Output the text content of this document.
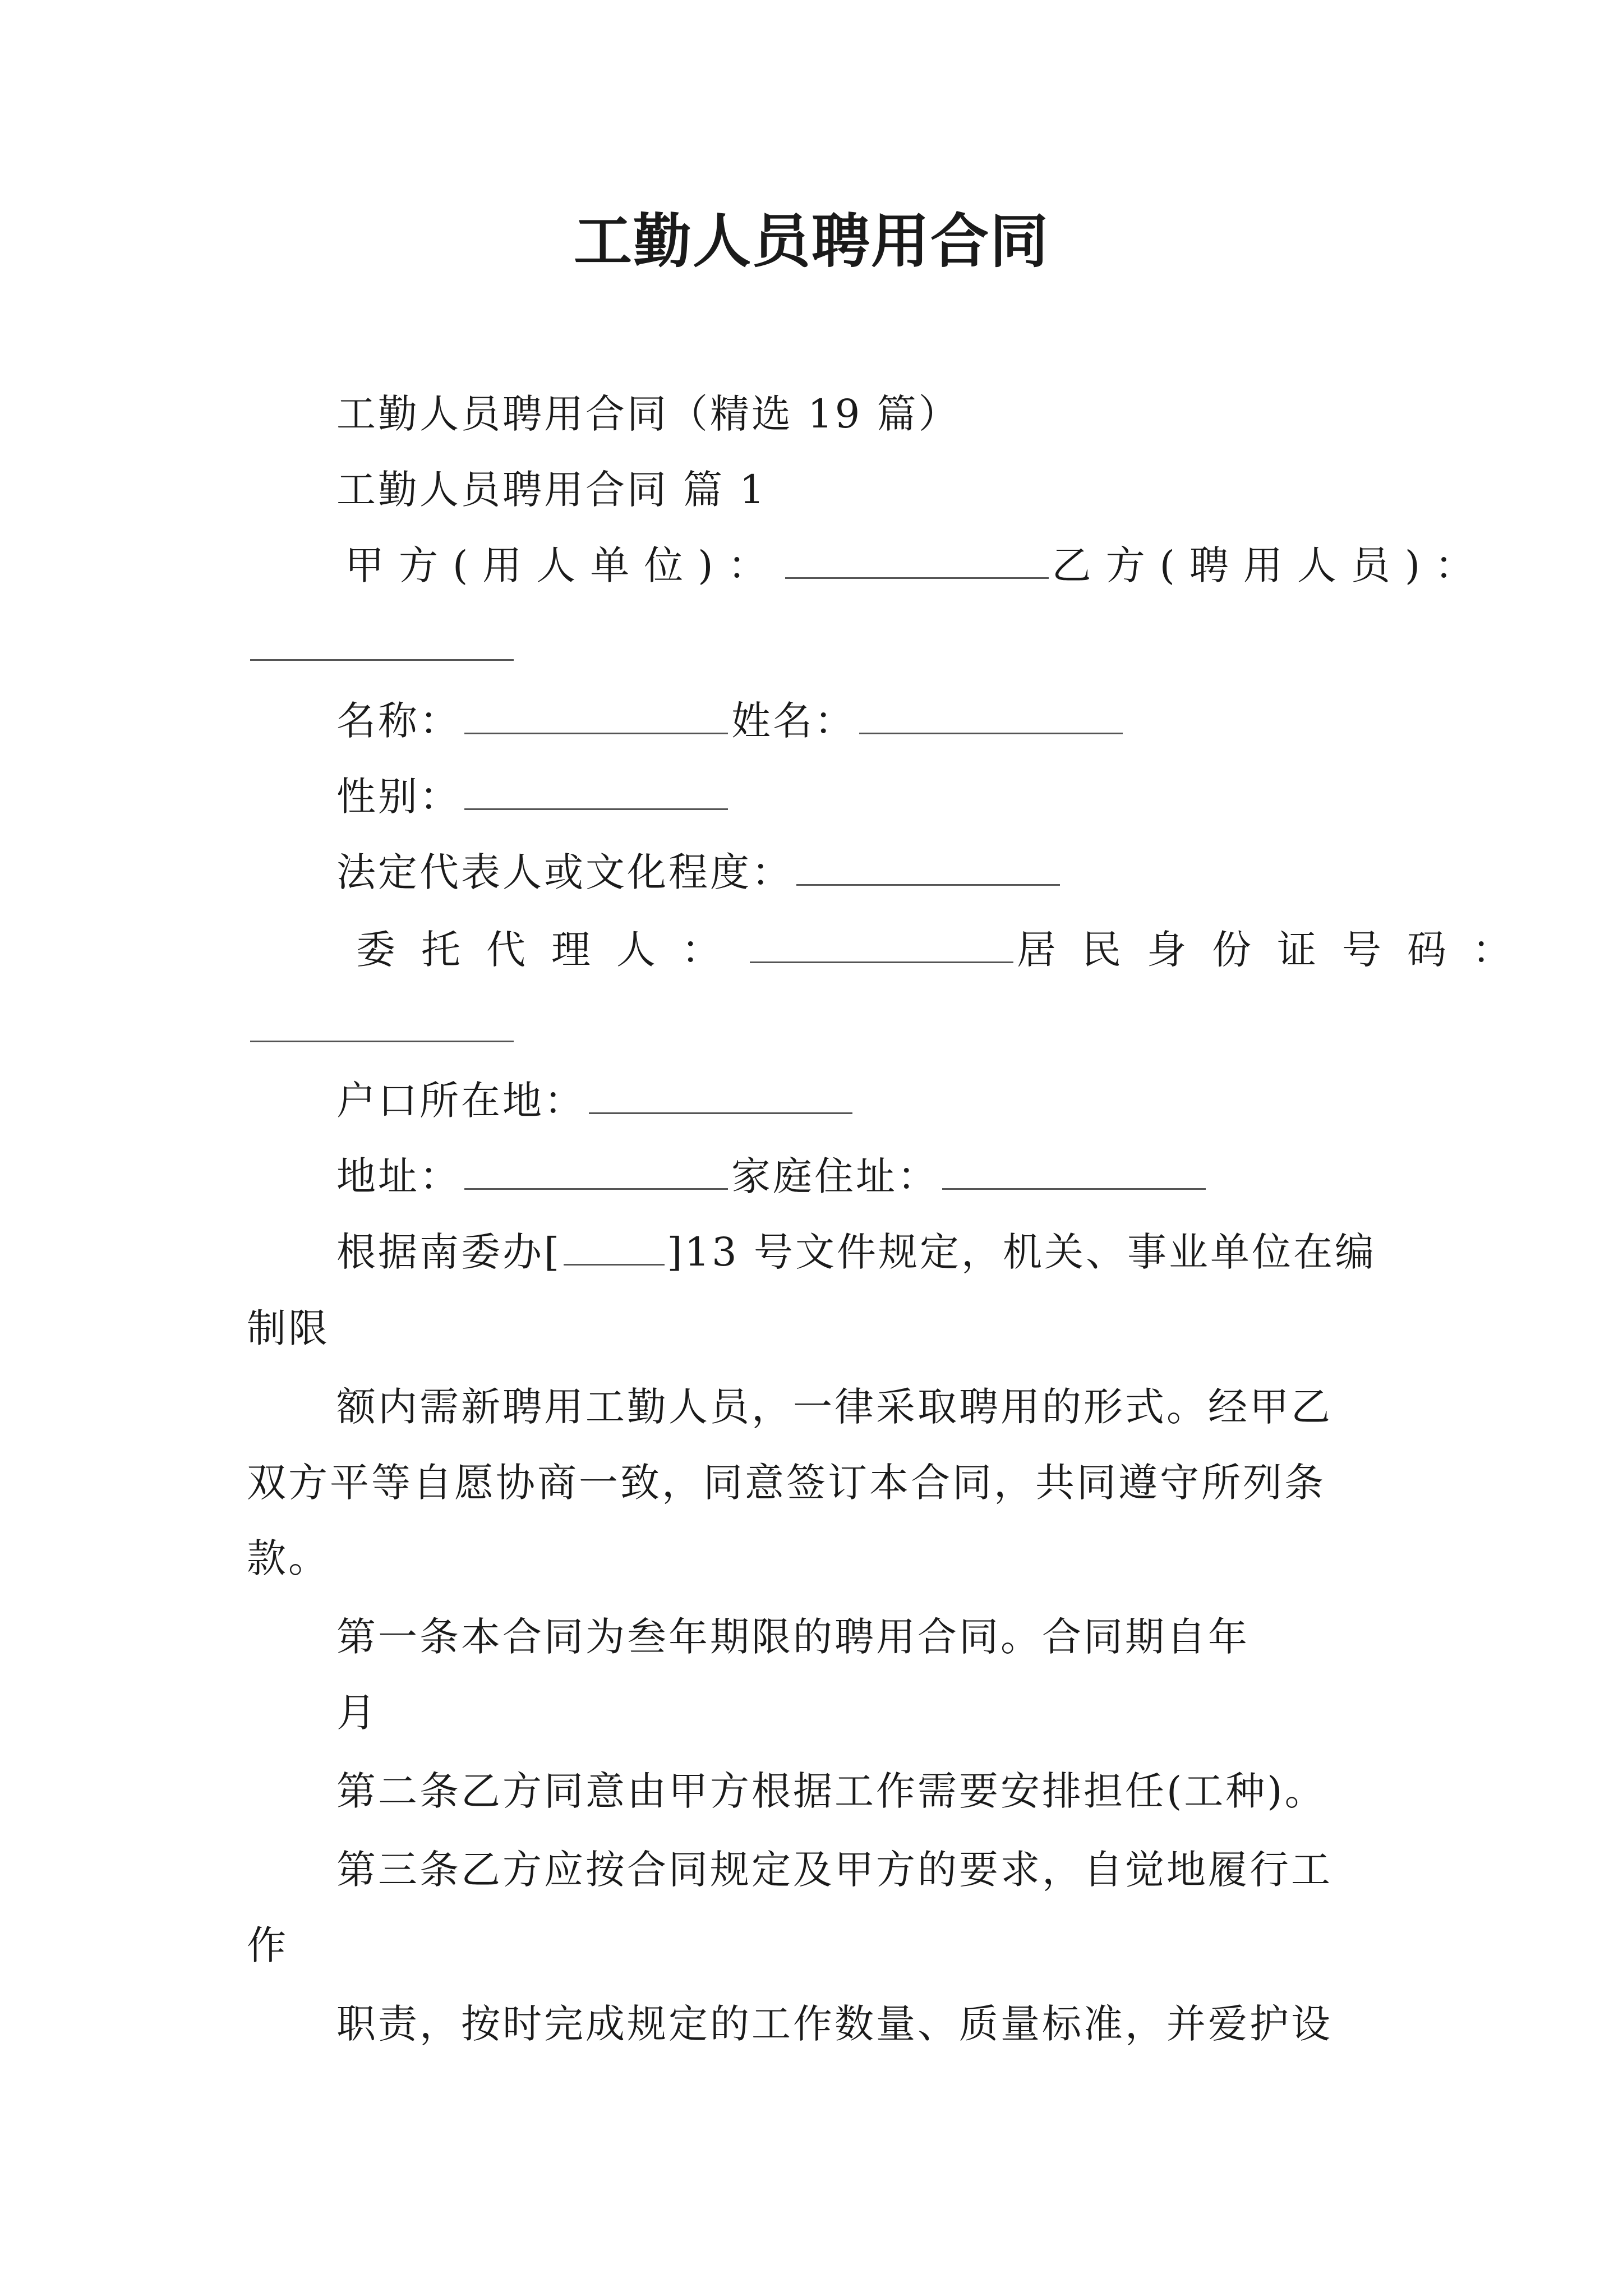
工勤人员聘用合同
工勤人员聘用合同（精选 19 篇）
工勤人员聘用合同 篇 1
甲方(用人单位)：	乙方(聘用人员)：
名称：	姓名：
性别：
法定代表人或文化程度：
委托代理人：	居民身份证号码：
户口所在地：
地址：	家庭住址：
根据南委办[	]13 号文件规定，机关、事业单位在编
制限
额内需新聘用工勤人员，一律采取聘用的形式。经甲乙
双方平等自愿协商一致，同意签订本合同，共同遵守所列条
款。
第一条本合同为叁年期限的聘用合同。合同期自年
月
第二条乙方同意由甲方根据工作需要安排担任(工种)。
第三条乙方应按合同规定及甲方的要求，自觉地履行工
作
职责，按时完成规定的工作数量、质量标准，并爱护设
